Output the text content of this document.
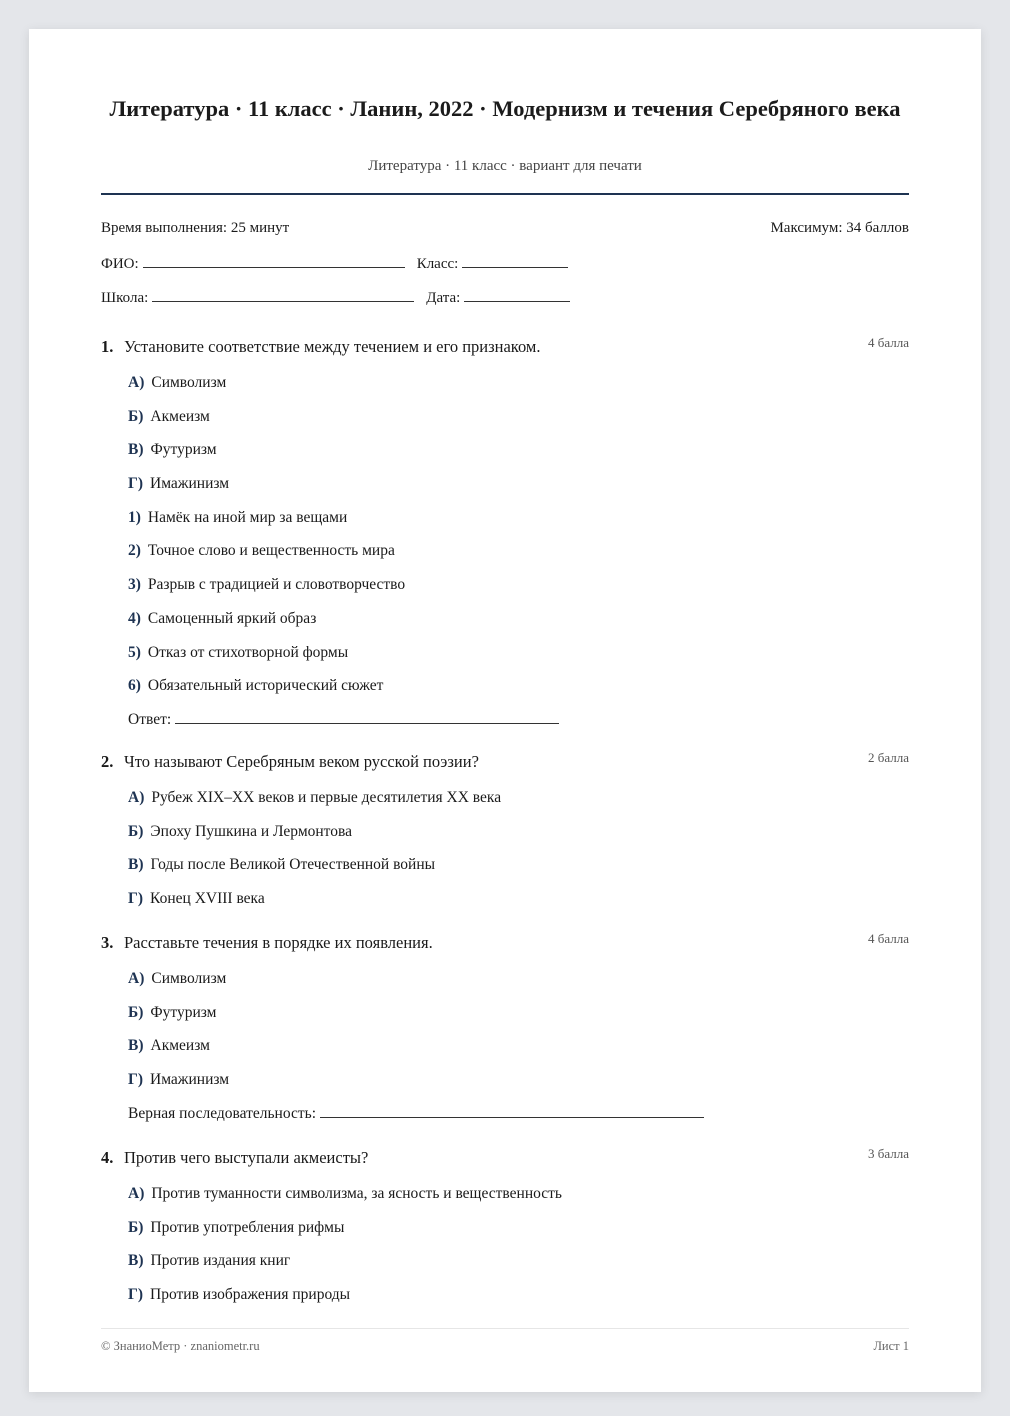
Литература · 11 класс · Ланин, 2022 · Модернизм и течения Серебряного века
Литература · 11 класс · вариант для печати
Время выполнения: 25 минут	Максимум: 34 баллов
ФИО:	Класс:
Школа:	Дата:
1. Установите соответствие между течением и его признаком.	4 балла
А) Символизм
Б) Акмеизм
В) Футуризм
Г) Имажинизм
1) Намёк на иной мир за вещами
2) Точное слово и вещественность мира
3) Разрыв с традицией и словотворчество
4) Самоценный яркий образ
5) Отказ от стихотворной формы
6) Обязательный исторический сюжет
Ответ:
2. Что называют Серебряным веком русской поэзии?	2 балла
А) Рубеж XIX–XX веков и первые десятилетия XX века
Б) Эпоху Пушкина и Лермонтова
В) Годы после Великой Отечественной войны
Г) Конец XVIII века
3. Расставьте течения в порядке их появления.	4 балла
А) Символизм
Б) Футуризм
В) Акмеизм
Г) Имажинизм
Верная последовательность:
4. Против чего выступали акмеисты?	3 балла
А) Против туманности символизма, за ясность и вещественность
Б) Против употребления рифмы
В) Против издания книг
Г) Против изображения природы
© ЗнаниоМетр · znaniometr.ru	Лист 1
